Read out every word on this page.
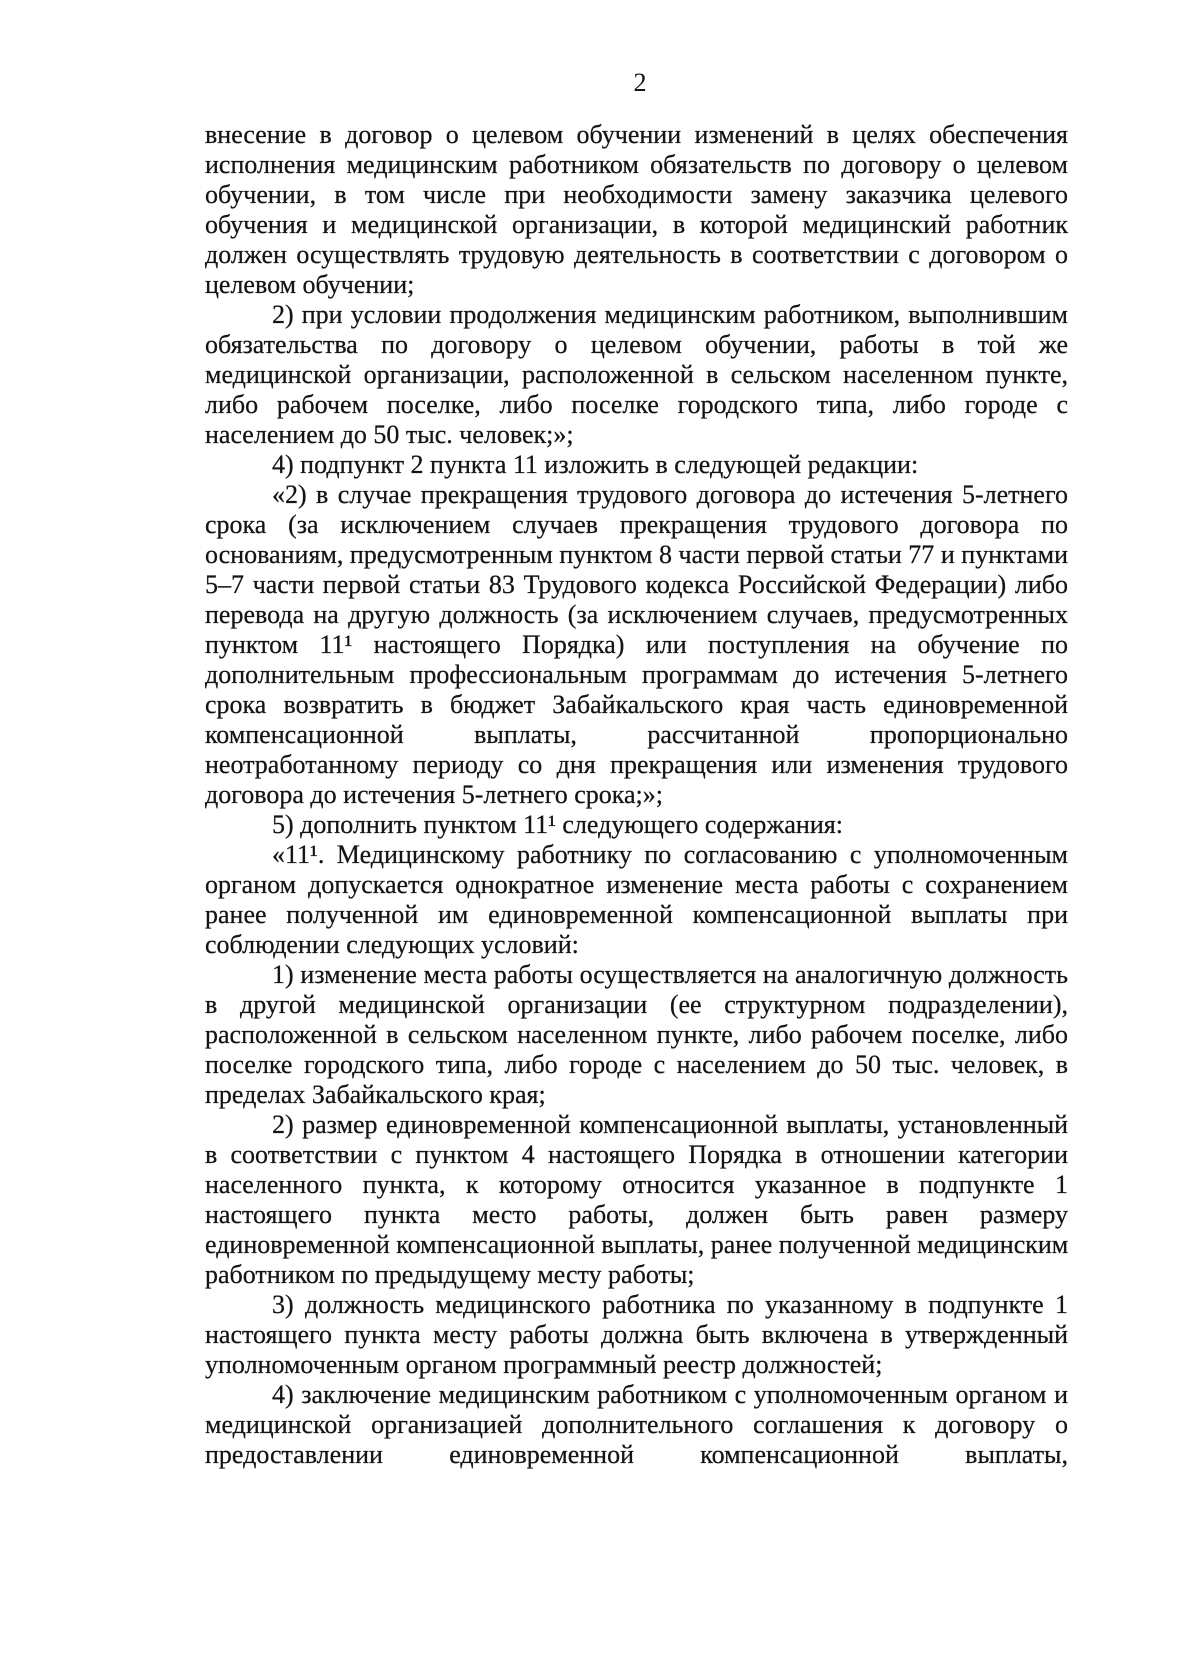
2
внесение в договор о целевом обучении изменений в целях обеспечения
исполнения медицинским работником обязательств по договору о целевом
обучении, в том числе при необходимости замену заказчика целевого
обучения и медицинской организации, в которой медицинский работник
должен осуществлять трудовую деятельность в соответствии с договором о
целевом обучении;
2) при условии продолжения медицинским работником, выполнившим
обязательства по договору о целевом обучении, работы в той же
медицинской организации, расположенной в сельском населенном пункте,
либо рабочем поселке, либо поселке городского типа, либо городе с
населением до 50 тыс. человек;»;
4) подпункт 2 пункта 11 изложить в следующей редакции:
«2) в случае прекращения трудового договора до истечения 5-летнего
срока (за исключением случаев прекращения трудового договора по
основаниям, предусмотренным пунктом 8 части первой статьи 77 и пунктами
5–7 части первой статьи 83 Трудового кодекса Российской Федерации) либо
перевода на другую должность (за исключением случаев, предусмотренных
пунктом 11¹ настоящего Порядка) или поступления на обучение по
дополнительным профессиональным программам до истечения 5-летнего
срока возвратить в бюджет Забайкальского края часть единовременной
компенсационной выплаты, рассчитанной пропорционально
неотработанному периоду со дня прекращения или изменения трудового
договора до истечения 5-летнего срока;»;
5) дополнить пунктом 11¹ следующего содержания:
«11¹. Медицинскому работнику по согласованию с уполномоченным
органом допускается однократное изменение места работы с сохранением
ранее полученной им единовременной компенсационной выплаты при
соблюдении следующих условий:
1) изменение места работы осуществляется на аналогичную должность
в другой медицинской организации (ее структурном подразделении),
расположенной в сельском населенном пункте, либо рабочем поселке, либо
поселке городского типа, либо городе с населением до 50 тыс. человек, в
пределах Забайкальского края;
2) размер единовременной компенсационной выплаты, установленный
в соответствии с пунктом 4 настоящего Порядка в отношении категории
населенного пункта, к которому относится указанное в подпункте 1
настоящего пункта место работы, должен быть равен размеру
единовременной компенсационной выплаты, ранее полученной медицинским
работником по предыдущему месту работы;
3) должность медицинского работника по указанному в подпункте 1
настоящего пункта месту работы должна быть включена в утвержденный
уполномоченным органом программный реестр должностей;
4) заключение медицинским работником с уполномоченным органом и
медицинской организацией дополнительного соглашения к договору о
предоставлении единовременной компенсационной выплаты,
